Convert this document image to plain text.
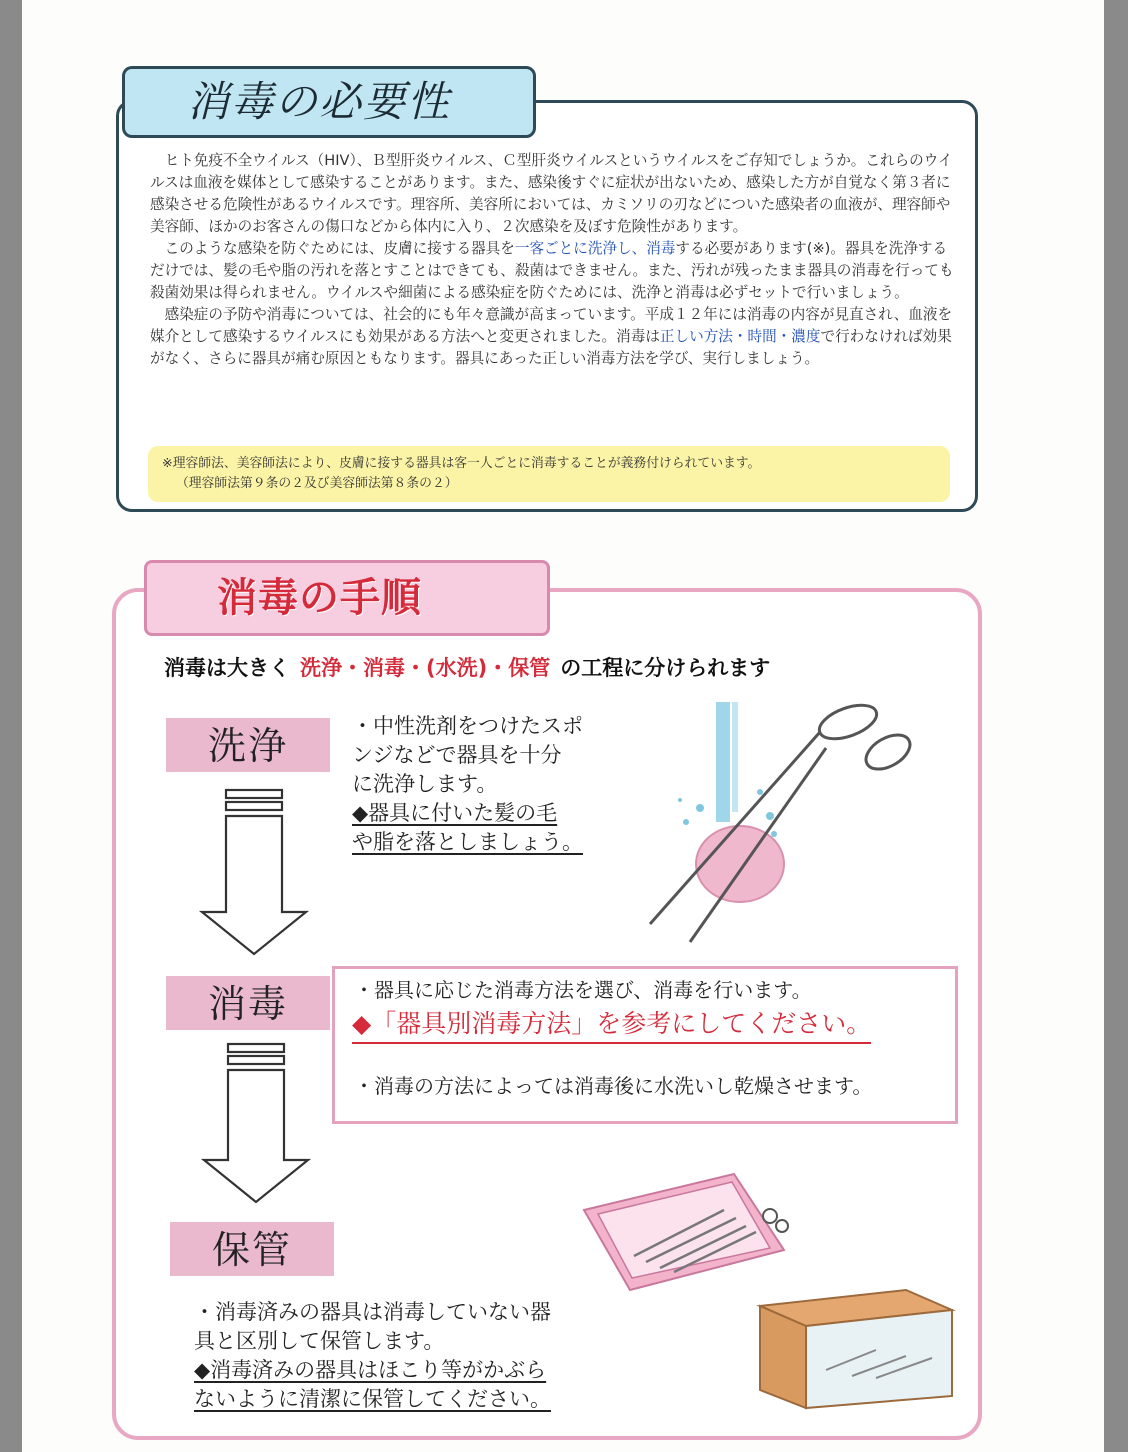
消毒の必要性

ヒト免疫不全ウイルス（HIV）、Ｂ型肝炎ウイルス、Ｃ型肝炎ウイルスというウイルスをご存知でしょうか。これらのウイルスは血液を媒体として感染することがあります。また、感染後すぐに症状が出ないため、感染した方が自覚なく第３者に感染させる危険性があるウイルスです。理容所、美容所においては、カミソリの刃などについた感染者の血液が、理容師や美容師、ほかのお客さんの傷口などから体内に入り、２次感染を及ぼす危険性があります。

このような感染を防ぐためには、皮膚に接する器具を一客ごとに洗浄し、消毒する必要があります(※)。器具を洗浄するだけでは、髪の毛や脂の汚れを落とすことはできても、殺菌はできません。また、汚れが残ったまま器具の消毒を行っても殺菌効果は得られません。ウイルスや細菌による感染症を防ぐためには、洗浄と消毒は必ずセットで行いましょう。

感染症の予防や消毒については、社会的にも年々意識が高まっています。平成１２年には消毒の内容が見直され、血液を媒介として感染するウイルスにも効果がある方法へと変更されました。消毒は正しい方法・時間・濃度で行わなければ効果がなく、さらに器具が痛む原因ともなります。器具にあった正しい消毒方法を学び、実行しましょう。

※理容師法、美容師法により、皮膚に接する器具は客一人ごとに消毒することが義務付けられています。
（理容師法第９条の２及び美容師法第８条の２）
消毒の手順
消毒は大きく 洗浄・消毒・(水洗)・保管 の工程に分けられます
洗浄	・中性洗剤をつけたスポ
ンジなどで器具を十分
に洗浄します。
◆器具に付いた髪の毛
や脂を落としましょう。
消毒	・器具に応じた消毒方法を選び、消毒を行います。
◆「器具別消毒方法」を参考にしてください。
・消毒の方法によっては消毒後に水洗いし乾燥させます。
保管
・消毒済みの器具は消毒していない器
具と区別して保管します。
◆消毒済みの器具はほこり等がかぶら
ないように清潔に保管してください。
